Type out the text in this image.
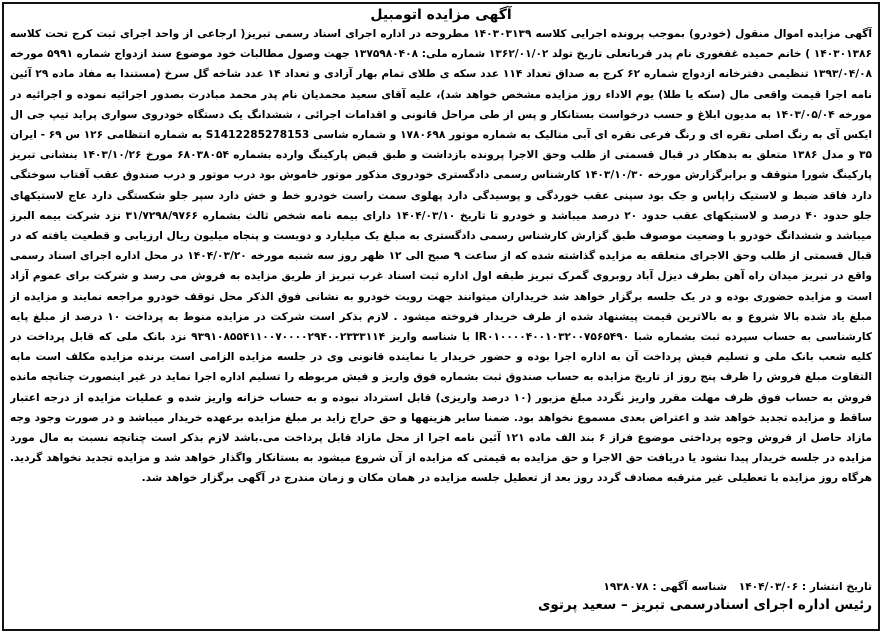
آگهی مزایده اتومبیل
آگهی مزایده اموال منقول (خودرو) بموجب پرونده اجرایی کلاسه ۱۴۰۳۰۳۱۳۹ مطروحه در اداره اجرای اسناد رسمی تبریز( ارجاعی از واحد اجرای ثبت کرج تحت کلاسه ۱۴۰۳۰۱۳۸۶ ) خانم حمیده غفغوری نام پدر قربانعلی تاریخ تولد ۱۳۶۲/۰۱/۰۲ شماره ملی: ۱۳۷۵۹۸۰۴۰۸ جهت وصول مطالبات خود موضوع سند ازدواج شماره ۵۹۹۱ مورخه ۱۳۹۳/۰۴/۰۸ تنظیمی دفترخانه ازدواج شماره ۶۲ کرج به صداق تعداد ۱۱۴ عدد سکه ی طلای تمام بهار آزادی و تعداد ۱۴ عدد شاخه گل سرخ (مستندا به مفاد ماده ۲۹ آئین نامه اجرا قیمت واقعی مال (سکه یا طلا) یوم الاداء روز مزایده مشخص خواهد شد)، علیه آقای سعید محمدیان نام پدر محمد مبادرت بصدور اجرائیه نموده و اجرائیه در مورخه ۱۴۰۳/۰۵/۰۴ به مدیون ابلاغ و حسب درخواست بستانکار و پس از طی مراحل قانونی و اقدامات اجرائی ، ششدانگ یک دستگاه خودروی سواری پراید تیپ جی ال ایکس آی به رنگ اصلی نقره ای و رنگ فرعی نقره ای آبی متالیک به شماره موتور ۱۷۸۰۶۹۸ و شماره شاسی S1412285278153 به شماره انتظامی ۱۲۶ س ۶۹ - ایران ۳۵ و مدل ۱۳۸۶ متعلق به بدهکار در قبال قسمتی از طلب وحق الاجرا پرونده بازداشت و طبق قبض پارکینگ وارده بشماره ۶۸۰۳۸۰۵۴ مورخ ۱۴۰۳/۱۰/۲۶ بنشانی تبریز پارکینگ شورا متوقف و برابرگزارش مورخه ۱۴۰۳/۱۰/۳۰ کارشناس رسمی دادگستری خودروی مذکور موتور خاموش بود درب موتور و درب صندوق عقب آفتاب سوختگی دارد فاقد ضبط و لاستیک زاپاس و جک بود سپنی عقب خوردگی و پوسیدگی دارد پهلوی سمت راست خودرو خط و خش دارد سپر جلو شکستگی دارد عاج لاستیکهای جلو حدود ۴۰ درصد و لاستیکهای عقب حدود ۲۰ درصد میباشد و خودرو تا تاریخ ۱۴۰۴/۰۳/۱۰ دارای بیمه نامه شخص ثالث بشماره ۳۱/۷۲۹۸/۹۷۶۶ نزد شرکت بیمه البرز میباشد و ششدانگ خودرو با وضعیت موصوف طبق گزارش کارشناس رسمی دادگستری به مبلغ یک میلیارد و دویست و پنجاه میلیون ریال ارزیابی و قطعیت یافته که در قبال قسمتی از طلب وحق الاجرای متعلقه به مزایده گذاشته شده که از ساعت ۹ صبح الی ۱۲ ظهر روز سه شنبه مورخه ۱۴۰۴/۰۳/۲۰ در محل اداره اجرای اسناد رسمی واقع در تبریز میدان راه آهن بطرف دیزل آباد روبروی گمرک تبریز طبقه اول اداره ثبت اسناد غرب تبریز از طریق مزایده به فروش می رسد و شرکت برای عموم آزاد است و مزایده حضوری بوده و در یک جلسه برگزار خواهد شد خریداران میتوانند جهت رویت خودرو به نشانی فوق الذکر محل توقف خودرو مراجعه نمایند و مزایده از مبلغ یاد شده بالا شروع و به بالاترین قیمت پیشنهاد شده از طرف خریدار فروخته میشود . لازم بذکر است شرکت در مزایده منوط به پرداخت ۱۰ درصد از مبلغ پایه کارشناسی به حساب سپرده ثبت بشماره شبا IR۰۱۰۰۰۰۴۰۰۱۰۳۲۰۰۷۵۶۵۴۹۰ با شناسه واریز ۹۳۹۱۰۸۵۵۴۱۱۰۰۷۰۰۰۰۲۹۴۰۰۲۳۳۳۱۱۴ نزد بانک ملی که قابل پرداخت در کلیه شعب بانک ملی و تسلیم فیش پرداخت آن به اداره اجرا بوده و حضور خریدار یا نماینده قانونی وی در جلسه مزایده الزامی است برنده مزایده مکلف است مابه التفاوت مبلغ فروش را ظرف پنج روز از تاریخ مزایده به حساب صندوق ثبت بشماره فوق واریز و فیش مربوطه را تسلیم اداره اجرا نماید در غیر اینصورت چنانچه مانده فروش به حساب فوق ظرف مهلت مقرر واریز نگردد مبلغ مزبور (۱۰ درصد واریزی) قابل استرداد نبوده و به حساب خزانه واریز شده و عملیات مزایده از درجه اعتبار ساقط و مزایده تجدید خواهد شد و اعتراض بعدی مسموع نخواهد بود. ضمنا سایر هزینهها و حق حراج زاید بر مبلغ مزایده برعهده خریدار میباشد و در صورت وجود وجه مازاد حاصل از فروش وجوه پرداختی موضوع فراز ۶ بند الف ماده ۱۲۱ آئین نامه اجرا از محل مازاد قابل پرداخت می.باشد لازم بذکر است چنانچه نسبت به مال مورد مزایده در جلسه خریدار پیدا نشود یا دریافت حق الاجرا و حق مزایده به قیمتی که مزایده از آن شروع میشود به بستانکار واگذار خواهد شد و مزایده تجدید نخواهد گردید. هرگاه روز مزایده با تعطیلی غیر مترقبه مصادف گردد روز بعد از تعطیل جلسه مزایده در همان مکان و زمان مندرج در آگهی برگزار خواهد شد.
تاریخ انتشار : ۱۴۰۴/۰۳/۰۶ شناسه آگهی : ۱۹۳۸۰۷۸
رئیس اداره اجرای اسنادرسمی تبریز – سعید پرتوی
